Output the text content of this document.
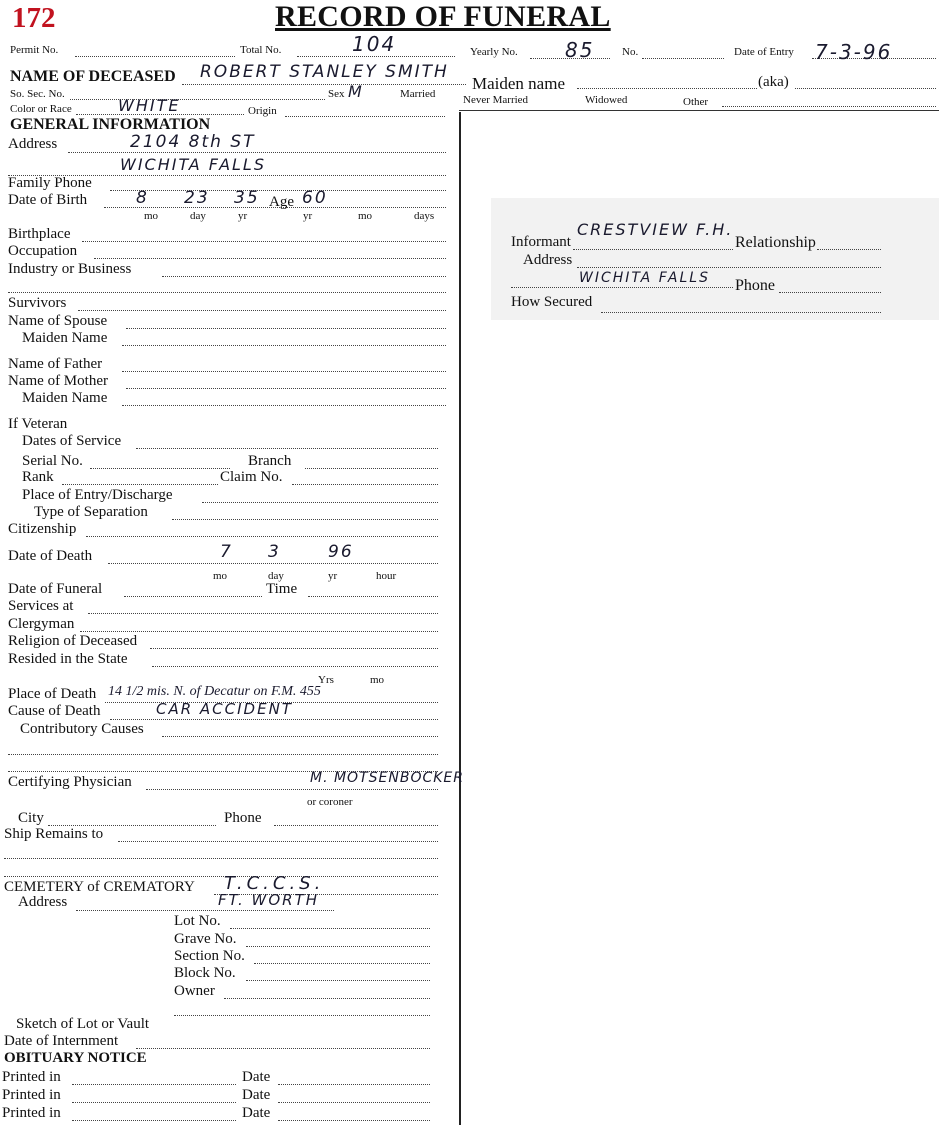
172	RECORD OF FUNERAL
Permit No.	Total No.	104	Yearly No. 85	No.	Date of Entry 7-3-96
NAME OF DECEASED ROBERT STANLEY SMITH
Maiden name	(aka)
So. Sec. No.	Sex M	Married	Never Married	Widowed	Other
Color or Race	WHITE	Origin
GENERAL INFORMATION
Address	2104 8th ST
WICHITA FALLS
Family Phone
Date of Birth	8 23 35 Age 60
mo	day	yr	yr	mo	days
Birthplace
Occupation
Industry or Business
Survivors
Name of Spouse
Maiden Name
Name of Father
Name of Mother
Maiden Name
If Veteran
Dates of Service
Serial No.	Branch
Rank	Claim No.
Place of Entry/Discharge
Type of Separation
Citizenship
Date of Death	7 3	96
mo	day	yr	hour
Date of Funeral	Time
Services at
Clergyman
Religion of Deceased
Resided in the State
Yrs	mo
Place of Death 14 1/2 mis. N. of Decatur on F.M. 455
Cause of Death	CAR ACCIDENT
Contributory Causes
Certifying Physician	M. MOTSENBOCKER
or coroner
City	Phone
Ship Remains to
CEMETERY of CREMATORY T.C.C.S.
Address	FT. WORTH
Lot No.
Grave No.
Section No.
Block No.
Owner
Sketch of Lot or Vault
Date of Internment
OBITUARY NOTICE
Printed in	Date
Printed in	Date
Printed in	Date
Informant
CRESTVIEW F.H.
Relationship
Address
WICHITA FALLS Phone
How Secured
